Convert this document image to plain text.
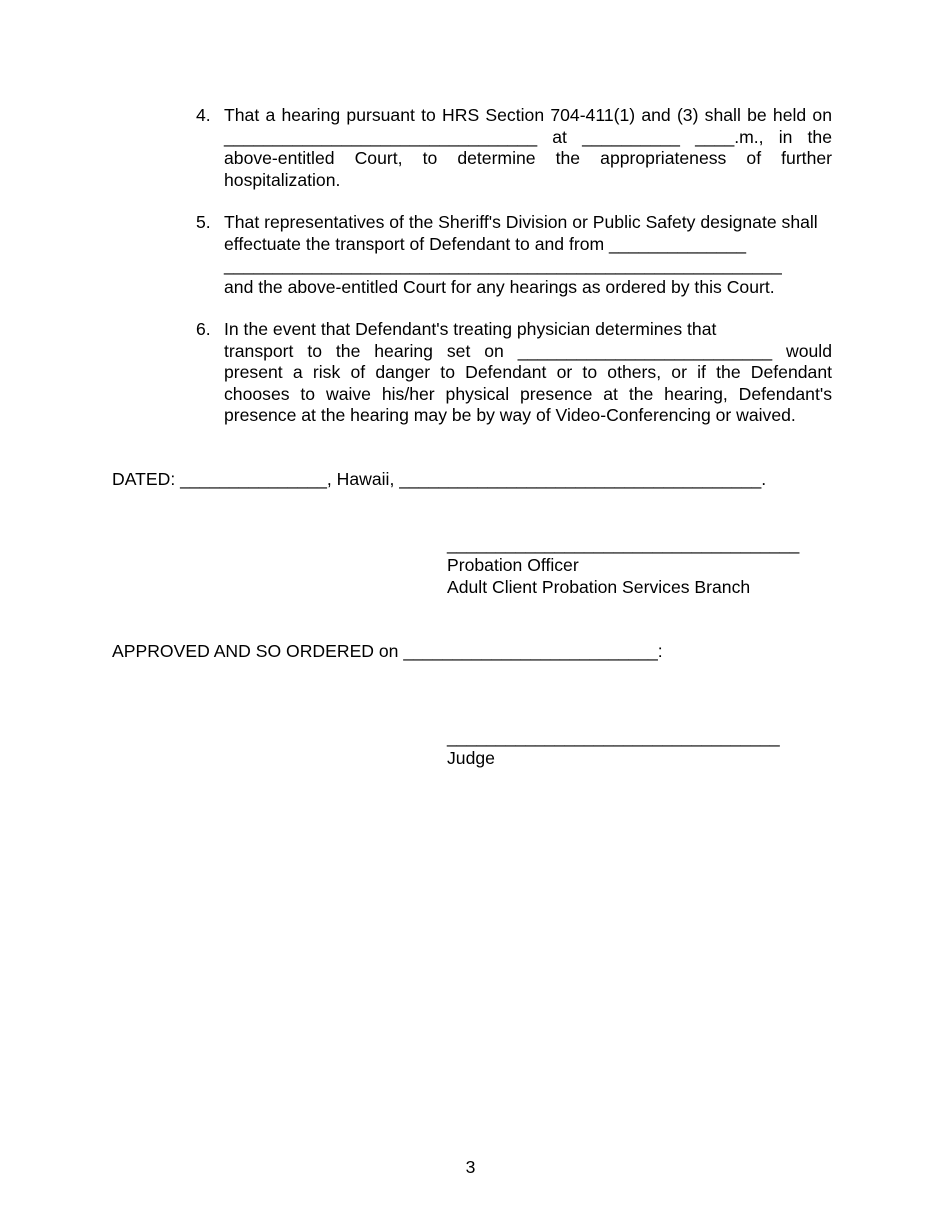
4. That a hearing pursuant to HRS Section 704-411(1) and (3) shall be held on
________________________________ at __________ ____.m., in the
above-entitled Court, to determine the appropriateness of further
hospitalization.
5. That representatives of the Sheriff's Division or Public Safety designate shall
effectuate the transport of Defendant to and from ______________
_________________________________________________________
and the above-entitled Court for any hearings as ordered by this Court.
6. In the event that Defendant's treating physician determines that
transport to the hearing set on __________________________ would
present a risk of danger to Defendant or to others, or if the Defendant
chooses to waive his/her physical presence at the hearing, Defendant's
presence at the hearing may be by way of Video-Conferencing or waived.
DATED: _______________, Hawaii, _____________________________________.
____________________________________
Probation Officer
Adult Client Probation Services Branch
APPROVED AND SO ORDERED on __________________________:
__________________________________
Judge
3
